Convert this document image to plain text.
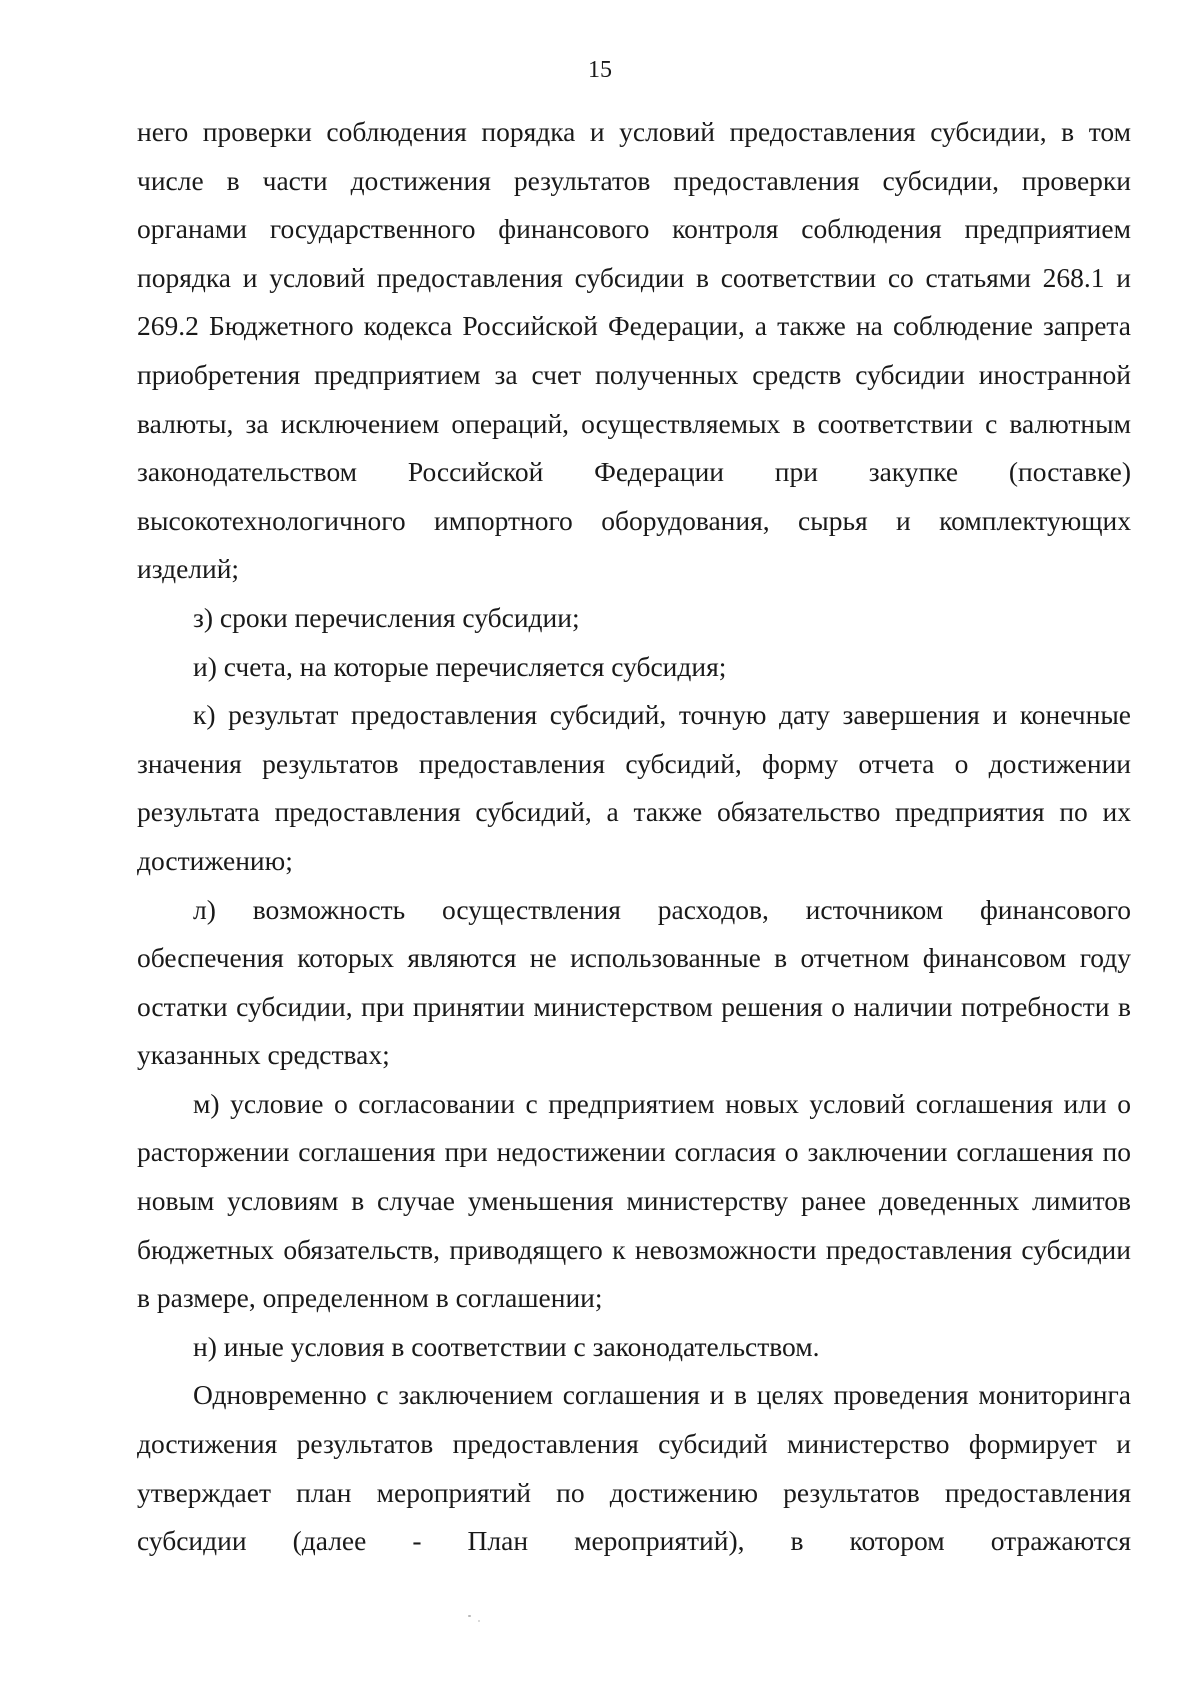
15

него проверки соблюдения порядка и условий предоставления субсидии, в том числе в части достижения результатов предоставления субсидии, проверки органами государственного финансового контроля соблюдения предприятием порядка и условий предоставления субсидии в соответствии со статьями 268.1 и 269.2 Бюджетного кодекса Российской Федерации, а также на соблюдение запрета приобретения предприятием за счет полученных средств субсидии иностранной валюты, за исключением операций, осуществляемых в соответствии с валютным законодательством Российской Федерации при закупке (поставке) высокотехнологичного импортного оборудования, сырья и комплектующих изделий;

з) сроки перечисления субсидии;

и) счета, на которые перечисляется субсидия;

к) результат предоставления субсидий, точную дату завершения и конечные значения результатов предоставления субсидий, форму отчета о достижении результата предоставления субсидий, а также обязательство предприятия по их достижению;

л) возможность осуществления расходов, источником финансового обеспечения которых являются не использованные в отчетном финансовом году остатки субсидии, при принятии министерством решения о наличии потребности в указанных средствах;

м) условие о согласовании с предприятием новых условий соглашения или о расторжении соглашения при недостижении согласия о заключении соглашения по новым условиям в случае уменьшения министерству ранее доведенных лимитов бюджетных обязательств, приводящего к невозможности предоставления субсидии в размере, определенном в соглашении;

н) иные условия в соответствии с законодательством.

Одновременно с заключением соглашения и в целях проведения мониторинга достижения результатов предоставления субсидий министерство формирует и утверждает план мероприятий по достижению результатов предоставления субсидии (далее - План мероприятий), в котором отражаются
